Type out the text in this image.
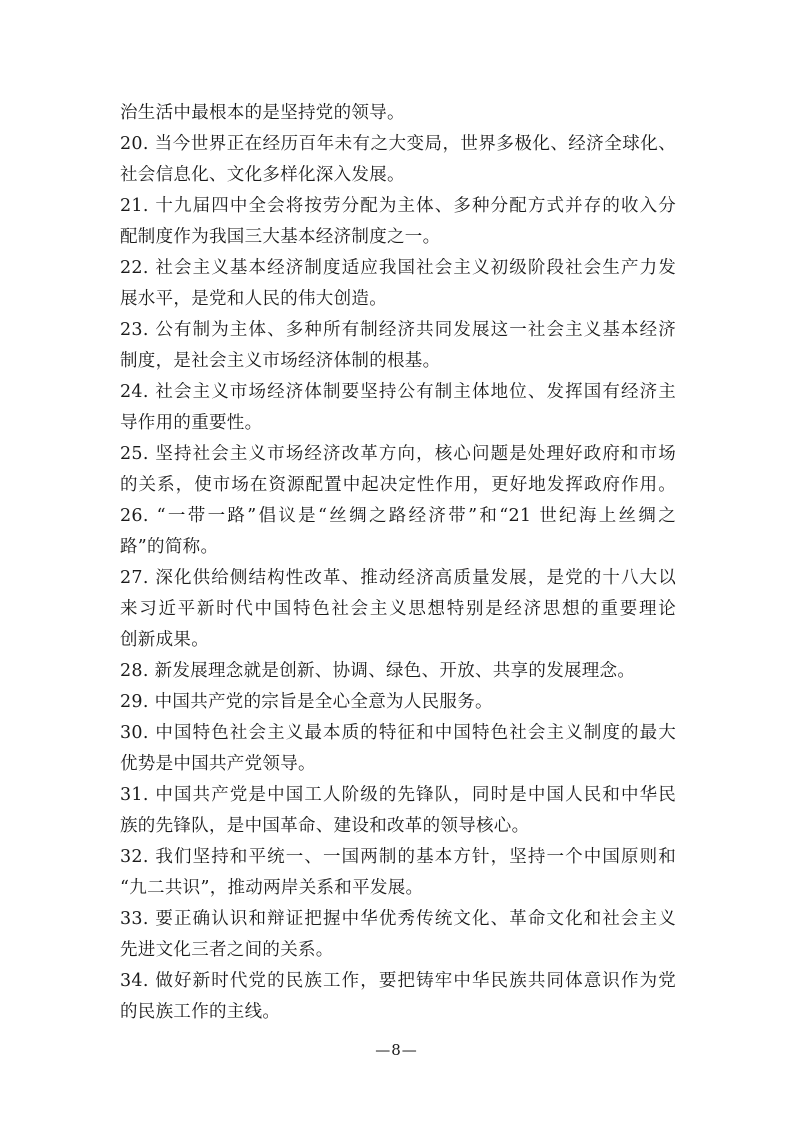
治生活中最根本的是坚持党的领导。
20. 当今世界正在经历百年未有之大变局，世界多极化、经济全球化、
社会信息化、文化多样化深入发展。
21. 十九届四中全会将按劳分配为主体、多种分配方式并存的收入分
配制度作为我国三大基本经济制度之一。
22. 社会主义基本经济制度适应我国社会主义初级阶段社会生产力发
展水平，是党和人民的伟大创造。
23. 公有制为主体、多种所有制经济共同发展这一社会主义基本经济
制度，是社会主义市场经济体制的根基。
24. 社会主义市场经济体制要坚持公有制主体地位、发挥国有经济主
导作用的重要性。
25. 坚持社会主义市场经济改革方向，核心问题是处理好政府和市场
的关系，使市场在资源配置中起决定性作用，更好地发挥政府作用。
26. “一带一路”倡议是“丝绸之路经济带”和“21 世纪海上丝绸之
路”的简称。
27. 深化供给侧结构性改革、推动经济高质量发展，是党的十八大以
来习近平新时代中国特色社会主义思想特别是经济思想的重要理论
创新成果。
28. 新发展理念就是创新、协调、绿色、开放、共享的发展理念。
29. 中国共产党的宗旨是全心全意为人民服务。
30. 中国特色社会主义最本质的特征和中国特色社会主义制度的最大
优势是中国共产党领导。
31. 中国共产党是中国工人阶级的先锋队，同时是中国人民和中华民
族的先锋队，是中国革命、建设和改革的领导核心。
32. 我们坚持和平统一、一国两制的基本方针，坚持一个中国原则和
“九二共识”，推动两岸关系和平发展。
33. 要正确认识和辩证把握中华优秀传统文化、革命文化和社会主义
先进文化三者之间的关系。
34. 做好新时代党的民族工作，要把铸牢中华民族共同体意识作为党
的民族工作的主线。
—8—
